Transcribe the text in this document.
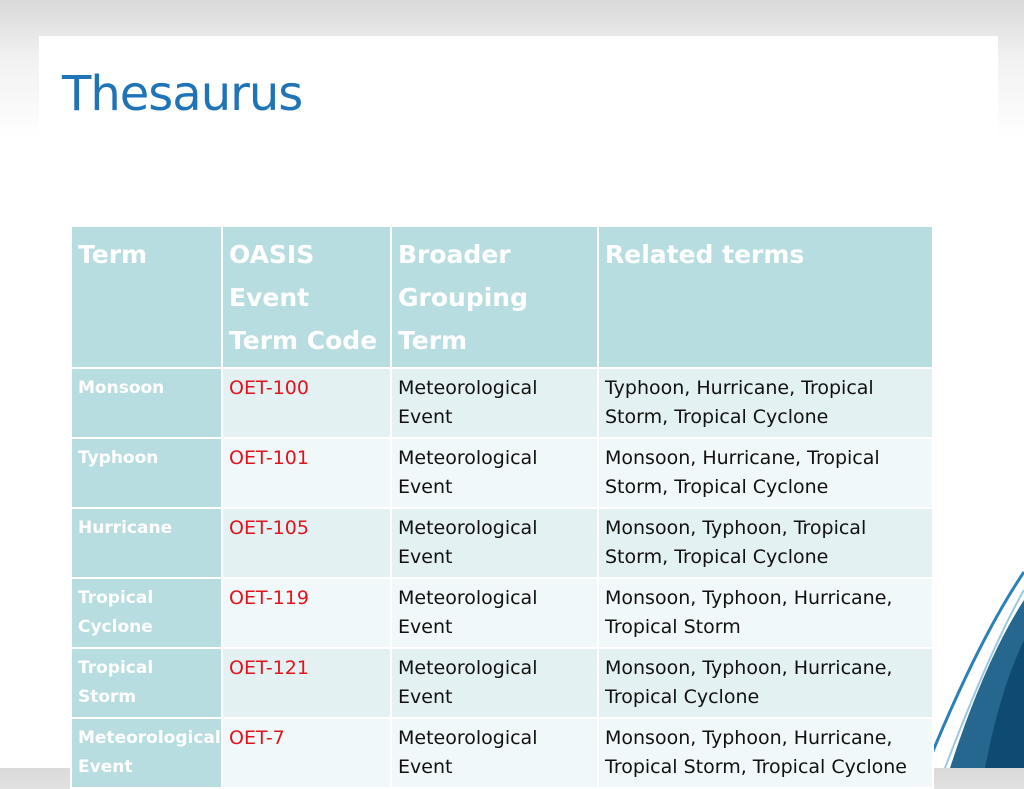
Thesaurus
Term	OASIS Event Term Code	Broader Grouping Term	Related terms
Monsoon	OET-100	Meteorological Event	Typhoon, Hurricane, Tropical Storm, Tropical Cyclone
Typhoon	OET-101	Meteorological Event	Monsoon, Hurricane, Tropical Storm, Tropical Cyclone
Hurricane	OET-105	Meteorological Event	Monsoon, Typhoon, Tropical Storm, Tropical Cyclone
Tropical Cyclone	OET-119	Meteorological Event	Monsoon, Typhoon, Hurricane, Tropical Storm
Tropical Storm	OET-121	Meteorological Event	Monsoon, Typhoon, Hurricane, Tropical Cyclone
Meteorological Event	OET-7	Meteorological Event	Monsoon, Typhoon, Hurricane, Tropical Storm, Tropical Cyclone
